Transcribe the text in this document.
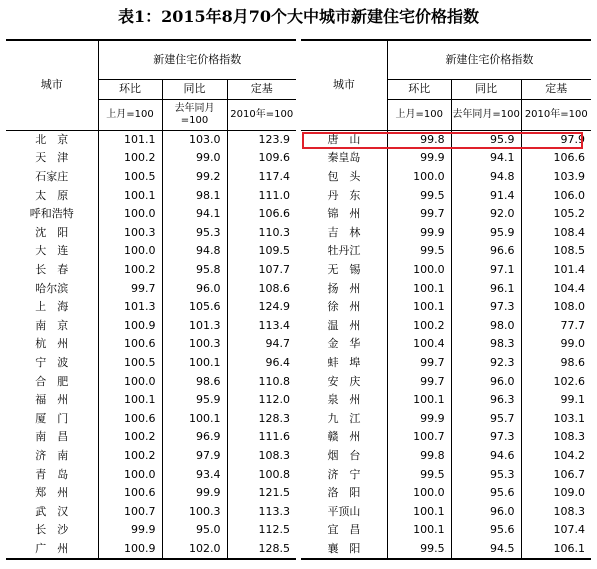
表1：2015年8月70个大中城市新建住宅价格指数
城市	新建住宅价格指数		
	环比	同比	定基
	上月=100	去年同月=100	2010年=100
北　京	101.1	103.0	123.9
天　津	100.2	99.0	109.6
石家庄	100.5	99.2	117.4
太　原	100.1	98.1	111.0
呼和浩特	100.0	94.1	106.6
沈　阳	100.3	95.3	110.3
大　连	100.0	94.8	109.5
长　春	100.2	95.8	107.7
哈尔滨	99.7	96.0	108.6
上　海	101.3	105.6	124.9
南　京	100.9	101.3	113.4
杭　州	100.6	100.3	94.7
宁　波	100.5	100.1	96.4
合　肥	100.0	98.6	110.8
福　州	100.1	95.9	112.0
厦　门	100.6	100.1	128.3
南　昌	100.2	96.9	111.6
济　南	100.2	97.9	108.3
青　岛	100.0	93.4	100.8
郑　州	100.6	99.9	121.5
武　汉	100.7	100.3	113.3
长　沙	99.9	95.0	112.5
广　州	100.9	102.0	128.5
城市	新建住宅价格指数		
	环比	同比	定基
	上月=100	去年同月=100	2010年=100
唐　山	99.8	95.9	97.9
秦皇岛	99.9	94.1	106.6
包　头	100.0	94.8	103.9
丹　东	99.5	91.4	106.0
锦　州	99.7	92.0	105.2
吉　林	99.9	95.9	108.4
牡丹江	99.5	96.6	108.5
无　锡	100.0	97.1	101.4
扬　州	100.1	96.1	104.4
徐　州	100.1	97.3	108.0
温　州	100.2	98.0	77.7
金　华	100.4	98.3	99.0
蚌　埠	99.7	92.3	98.6
安　庆	99.7	96.0	102.6
泉　州	100.1	96.3	99.1
九　江	99.9	95.7	103.1
赣　州	100.7	97.3	108.3
烟　台	99.8	94.6	104.2
济　宁	99.5	95.3	106.7
洛　阳	100.0	95.6	109.0
平顶山	100.1	96.0	108.3
宜　昌	100.1	95.6	107.4
襄　阳	99.5	94.5	106.1
